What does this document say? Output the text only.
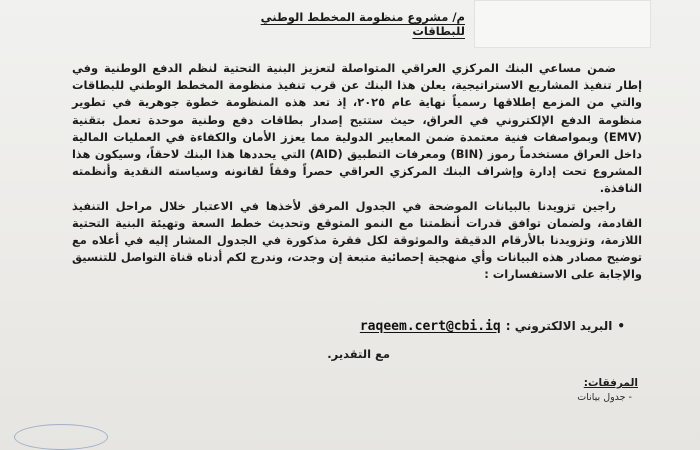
م/ مشروع منظومة المخطط الوطني للبطاقات

ضمن مساعي البنك المركزي العراقي المتواصلة لتعزيز البنية التحتية لنظم الدفع الوطنية وفي إطار تنفيذ المشاريع الاستراتيجية، يعلن هذا البنك عن قرب تنفيذ منظومة المخطط الوطني للبطاقات والتي من المزمع إطلاقها رسمياً نهاية عام ٢٠٢٥، إذ تعد هذه المنظومة خطوة جوهرية في تطوير منظومة الدفع الإلكتروني في العراق، حيث ستتيح إصدار بطاقات دفع وطنية موحدة تعمل بتقنية (EMV) وبمواصفات فنية معتمدة ضمن المعايير الدولية مما يعزز الأمان والكفاءة في العمليات المالية داخل العراق مستخدماً رموز (BIN) ومعرفات التطبيق (AID) التي يحددها هذا البنك لاحقاً، وسيكون هذا المشروع تحت إدارة وإشراف البنك المركزي العراقي حصراً وفقاً لقانونه وسياسته النقدية وأنظمته النافذة.

راجين تزويدنا بالبيانات الموضحة في الجدول المرفق لأخذها في الاعتبار خلال مراحل التنفيذ القادمة، ولضمان توافق قدرات أنظمتنا مع النمو المتوقع وتحديث خطط السعة وتهيئة البنية التحتية اللازمة، وتزويدنا بالأرقام الدقيقة والموثوقة لكل فقرة مذكورة في الجدول المشار إليه في أعلاه مع توضيح مصادر هذه البيانات وأي منهجية إحصائية متبعة إن وجدت، وندرج لكم أدناه قناة التواصل للتنسيق والإجابة على الاستفسارات :

•
البريد الالكتروني :
raqeem.cert@cbi.iq
مع التقدير.
المرفقات:
- جدول بيانات
